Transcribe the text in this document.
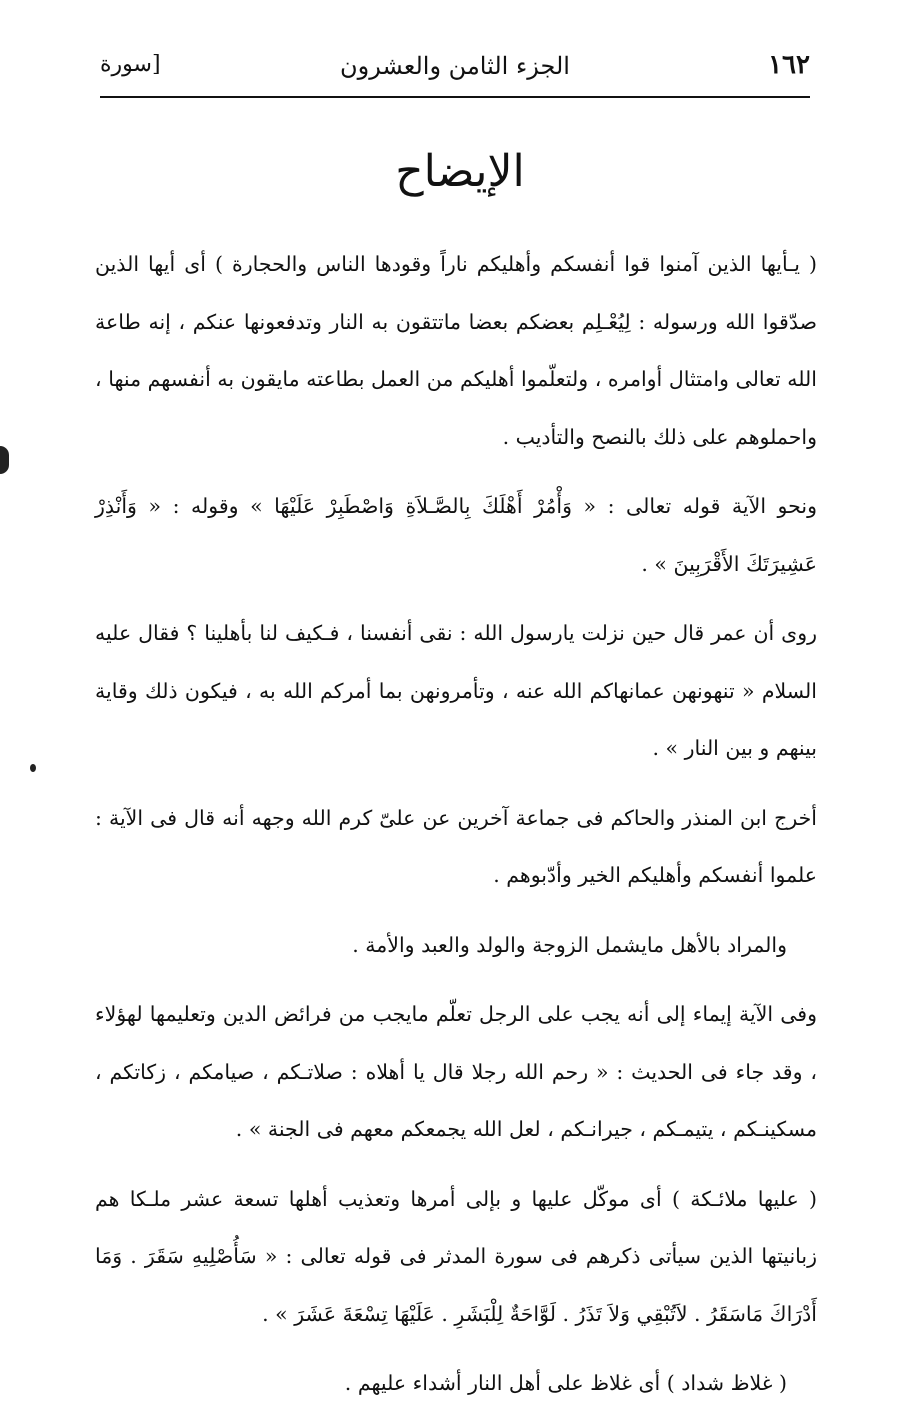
١٦٢
الجزء الثامن والعشرون
[سورة
الإيضاح

( يـأيها الذين آمنوا قوا أنفسكم وأهليكم ناراً وقودها الناس والحجارة ) أى أيها الذين صدّقوا الله ورسوله : لِيُعْـلِم بعضكم بعضا ماتتقون به النار وتدفعونها عنكم ، إنه طاعة الله تعالى وامتثال أوامره ، ولتعلّموا أهليكم من العمل بطاعته مايقون به أنفسهم منها ، واحملوهم على ذلك بالنصح والتأديب .

ونحو الآية قوله تعالى : « وَأْمُرْ أَهْلَكَ بِالصَّـلاَةِ وَاصْطَبِرْ عَلَيْهَا » وقوله : « وَأَنْذِرْ عَشِيرَتَكَ الأَقْرَبِينَ » .

روى أن عمر قال حين نزلت يارسول الله : نقى أنفسنا ، فـكيف لنا بأهلينا ؟ فقال عليه السلام « تنهونهن عمانهاكم الله عنه ، وتأمرونهن بما أمركم الله به ، فيكون ذلك وقاية بينهم و بين النار » .

أخرج ابن المنذر والحاكم فى جماعة آخرين عن علىّ كرم الله وجهه أنه قال فى الآية : علموا أنفسكم وأهليكم الخير وأدّبوهم .

والمراد بالأهل مايشمل الزوجة والولد والعبد والأمة .

وفى الآية إيماء إلى أنه يجب على الرجل تعلّم مايجب من فرائض الدين وتعليمها لهؤلاء ، وقد جاء فى الحديث : « رحم الله رجلا قال يا أهلاه : صلاتـكم ، صيامكم ، زكاتكم ، مسكينـكم ، يتيمـكم ، جيرانـكم ، لعل الله يجمعكم معهم فى الجنة » .

( عليها ملائـكة ) أى موكّل عليها و بإلى أمرها وتعذيب أهلها تسعة عشر ملـكا هم زبانيتها الذين سيأتى ذكرهم فى سورة المدثر فى قوله تعالى : « سَأُصْلِيهِ سَقَرَ . وَمَا أَدْرَاكَ مَاسَقَرُ . لاَتُبْقِي وَلاَ تَذَرُ . لَوَّاحَةٌ لِلْبَشَرِ . عَلَيْهَا تِسْعَةَ عَشَرَ » .

( غلاظ شداد ) أى غلاظ على أهل النار أشداء عليهم .
